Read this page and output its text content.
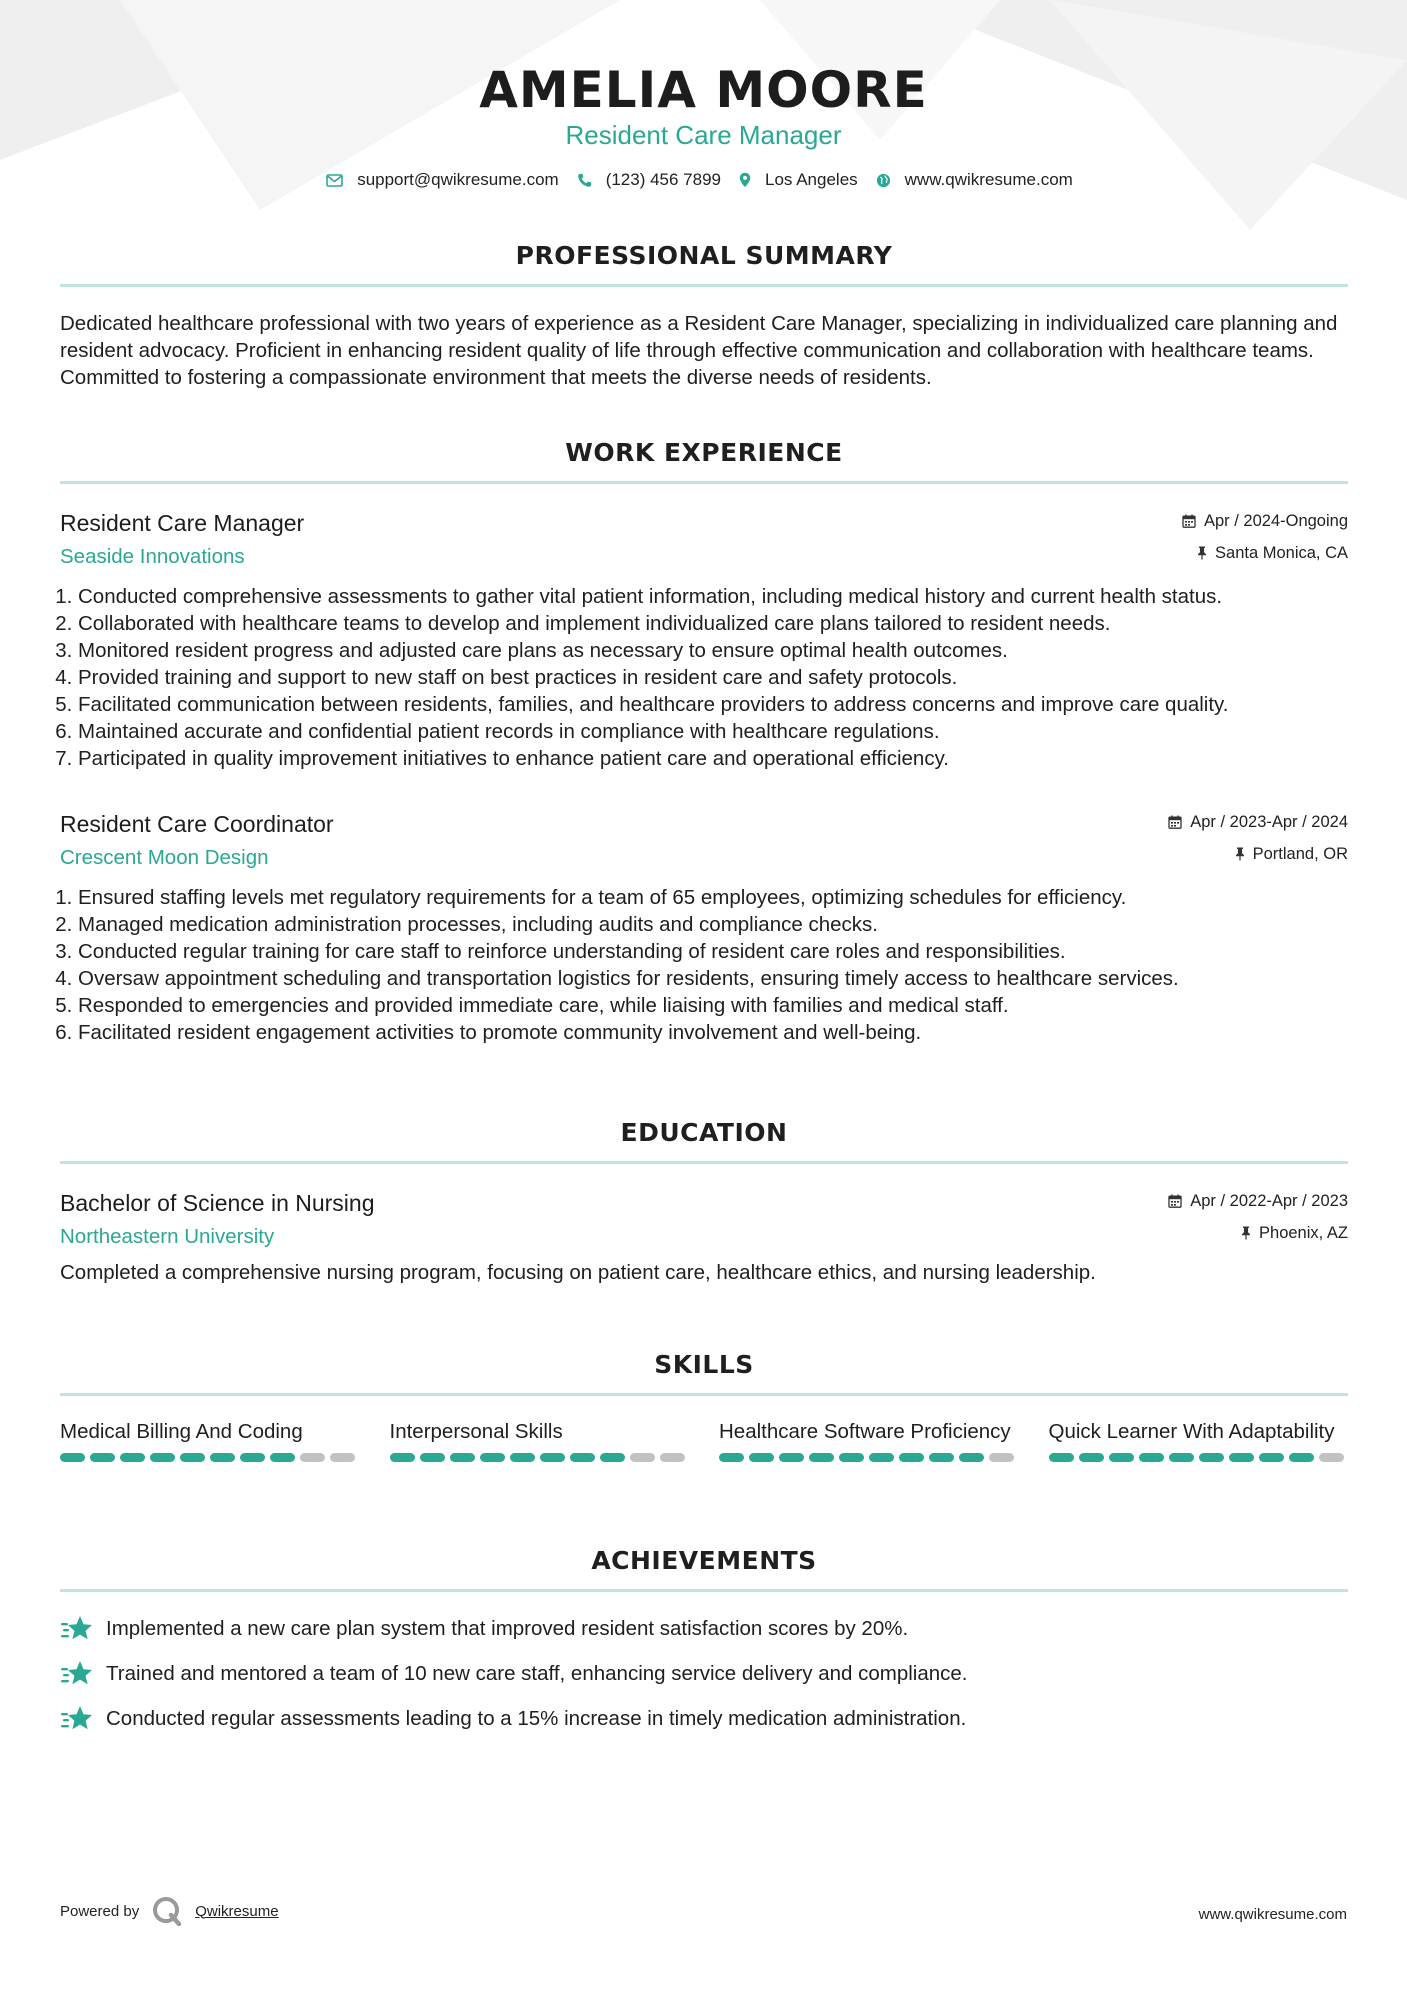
AMELIA MOORE
Resident Care Manager
support@qwikresume.com	(123) 456 7899	Los Angeles	www.qwikresume.com
PROFESSIONAL SUMMARY

Dedicated healthcare professional with two years of experience as a Resident Care Manager, specializing in individualized care planning and resident advocacy. Proficient in enhancing resident quality of life through effective communication and collaboration with healthcare teams. Committed to fostering a compassionate environment that meets the diverse needs of residents.

WORK EXPERIENCE
Resident Care Manager
Seaside Innovations
Apr / 2024-Ongoing
Santa Monica, CA
1. Conducted comprehensive assessments to gather vital patient information, including medical history and current health status.
2. Collaborated with healthcare teams to develop and implement individualized care plans tailored to resident needs.
3. Monitored resident progress and adjusted care plans as necessary to ensure optimal health outcomes.
4. Provided training and support to new staff on best practices in resident care and safety protocols.
5. Facilitated communication between residents, families, and healthcare providers to address concerns and improve care quality.
6. Maintained accurate and confidential patient records in compliance with healthcare regulations.
7. Participated in quality improvement initiatives to enhance patient care and operational efficiency.
Resident Care Coordinator
Crescent Moon Design
Apr / 2023-Apr / 2024
Portland, OR
1. Ensured staffing levels met regulatory requirements for a team of 65 employees, optimizing schedules for efficiency.
2. Managed medication administration processes, including audits and compliance checks.
3. Conducted regular training for care staff to reinforce understanding of resident care roles and responsibilities.
4. Oversaw appointment scheduling and transportation logistics for residents, ensuring timely access to healthcare services.
5. Responded to emergencies and provided immediate care, while liaising with families and medical staff.
6. Facilitated resident engagement activities to promote community involvement and well-being.
EDUCATION
Bachelor of Science in Nursing
Northeastern University
Apr / 2022-Apr / 2023
Phoenix, AZ
Completed a comprehensive nursing program, focusing on patient care, healthcare ethics, and nursing leadership.
SKILLS
Medical Billing And Coding	Interpersonal Skills	Healthcare Software Proficiency	Quick Learner With Adaptability
ACHIEVEMENTS
Implemented a new care plan system that improved resident satisfaction scores by 20%.
Trained and mentored a team of 10 new care staff, enhancing service delivery and compliance.
Conducted regular assessments leading to a 15% increase in timely medication administration.
Powered by	Qwikresume	www.qwikresume.com
